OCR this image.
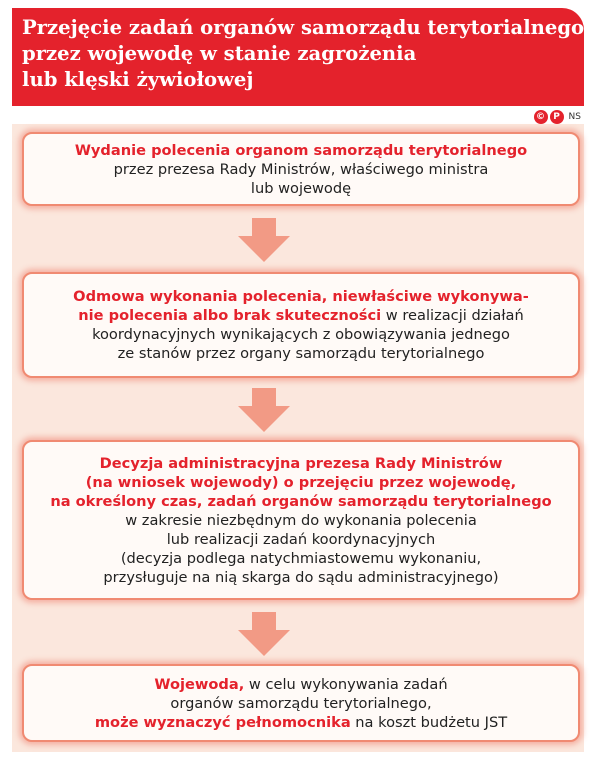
Przejęcie zadań organów samorządu terytorialnego
przez wojewodę w stanie zagrożenia
lub klęski żywiołowej
© P NS
Wydanie polecenia organom samorządu terytorialnego
przez prezesa Rady Ministrów, właściwego ministra
lub wojewodę
Odmowa wykonania polecenia, niewłaściwe wykonywa-
nie polecenia albo brak skuteczności w realizacji działań
koordynacyjnych wynikających z obowiązywania jednego
ze stanów przez organy samorządu terytorialnego
Decyzja administracyjna prezesa Rady Ministrów
(na wniosek wojewody) o przejęciu przez wojewodę,
na określony czas, zadań organów samorządu terytorialnego
w zakresie niezbędnym do wykonania polecenia
lub realizacji zadań koordynacyjnych
(decyzja podlega natychmiastowemu wykonaniu,
przysługuje na nią skarga do sądu administracyjnego)
Wojewoda, w celu wykonywania zadań
organów samorządu terytorialnego,
może wyznaczyć pełnomocnika na koszt budżetu JST
